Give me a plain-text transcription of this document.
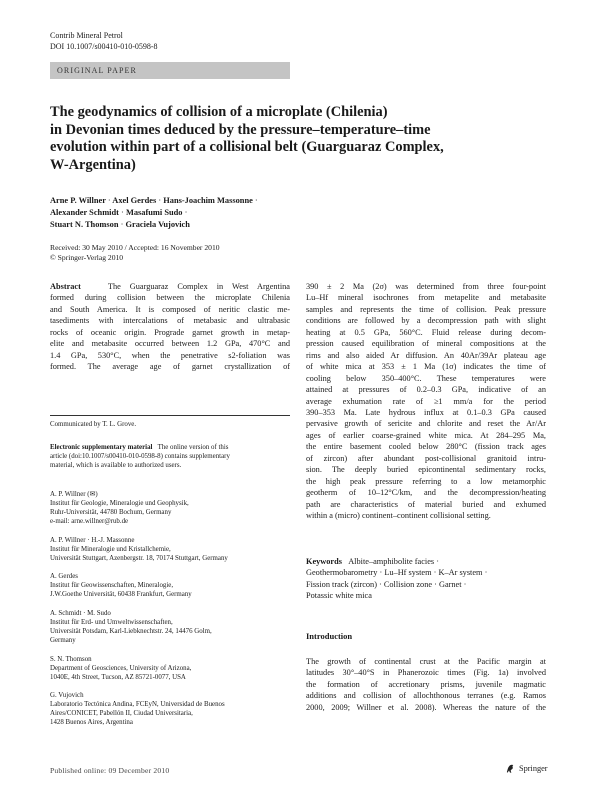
Contrib Mineral Petrol
DOI 10.1007/s00410-010-0598-8
ORIGINAL PAPER
The geodynamics of collision of a microplate (Chilenia)
in Devonian times deduced by the pressure–temperature–time
evolution within part of a collisional belt (Guarguaraz Complex,
W-Argentina)
Arne P. Willner · Axel Gerdes · Hans-Joachim Massonne ·
Alexander Schmidt · Masafumi Sudo ·
Stuart N. Thomson · Graciela Vujovich
Received: 30 May 2010 / Accepted: 16 November 2010
© Springer-Verlag 2010
Abstract	The Guarguaraz Complex in West Argentina
formed during collision between the microplate Chilenia
and South America. It is composed of neritic clastic me-
tasediments with intercalations of metabasic and ultrabasic
rocks of oceanic origin. Prograde garnet growth in metap-
elite and metabasite occurred between 1.2 GPa, 470°C and
1.4 GPa, 530°C, when the penetrative s2-foliation was
formed. The average age of garnet crystallization of
Communicated by T. L. Grove.
Electronic supplementary material The online version of this
article (doi:10.1007/s00410-010-0598-8) contains supplementary
material, which is available to authorized users.
A. P. Willner (✉)
Institut für Geologie, Mineralogie und Geophysik,
Ruhr-Universität, 44780 Bochum, Germany
e-mail: arne.willner@rub.de
A. P. Willner · H.-J. Massonne
Institut für Mineralogie und Kristallchemie,
Universität Stuttgart, Azenbergstr. 18, 70174 Stuttgart, Germany
A. Gerdes
Institut für Geowissenschaften, Mineralogie,
J.W.Goethe Universität, 60438 Frankfurt, Germany
A. Schmidt · M. Sudo
Institut für Erd- und Umweltwissenschaften,
Universität Potsdam, Karl-Liebknechtstr. 24, 14476 Golm,
Germany
S. N. Thomson
Department of Geosciences, University of Arizona,
1040E, 4th Street, Tucson, AZ 85721-0077, USA
G. Vujovich
Laboratorio Tectónica Andina, FCEyN, Universidad de Buenos
Aires/CONICET, Pabellón II, Ciudad Universitaria,
1428 Buenos Aires, Argentina
390 ± 2 Ma (2σ) was determined from three four-point
Lu–Hf mineral isochrones from metapelite and metabasite
samples and represents the time of collision. Peak pressure
conditions are followed by a decompression path with slight
heating at 0.5 GPa, 560°C. Fluid release during decom-
pression caused equilibration of mineral compositions at the
rims and also aided Ar diffusion. An 40Ar/39Ar plateau age
of white mica at 353 ± 1 Ma (1σ) indicates the time of
cooling below 350–400°C. These temperatures were
attained at pressures of 0.2–0.3 GPa, indicative of an
average exhumation rate of ≥1 mm/a for the period
390–353 Ma. Late hydrous influx at 0.1–0.3 GPa caused
pervasive growth of sericite and chlorite and reset the Ar/Ar
ages of earlier coarse-grained white mica. At 284–295 Ma,
the entire basement cooled below 280°C (fission track ages
of zircon) after abundant post-collisional granitoid intru-
sion. The deeply buried epicontinental sedimentary rocks,
the high peak pressure referring to a low metamorphic
geotherm of 10–12°C/km, and the decompression/heating
path are characteristics of material buried and exhumed
within a (micro) continent–continent collisional setting.
Keywords Albite–amphibolite facies ·
Geothermobarometry · Lu–Hf system · K–Ar system ·
Fission track (zircon) · Collision zone · Garnet ·
Potassic white mica
Introduction
The growth of continental crust at the Pacific margin at
latitudes 30°–40°S in Phanerozoic times (Fig. 1a) involved
the formation of accretionary prisms, juvenile magmatic
additions and collision of allochthonous terranes (e.g. Ramos
2000, 2009; Willner et al. 2008). Whereas the nature of the
Published online: 09 December 2010	Springer
